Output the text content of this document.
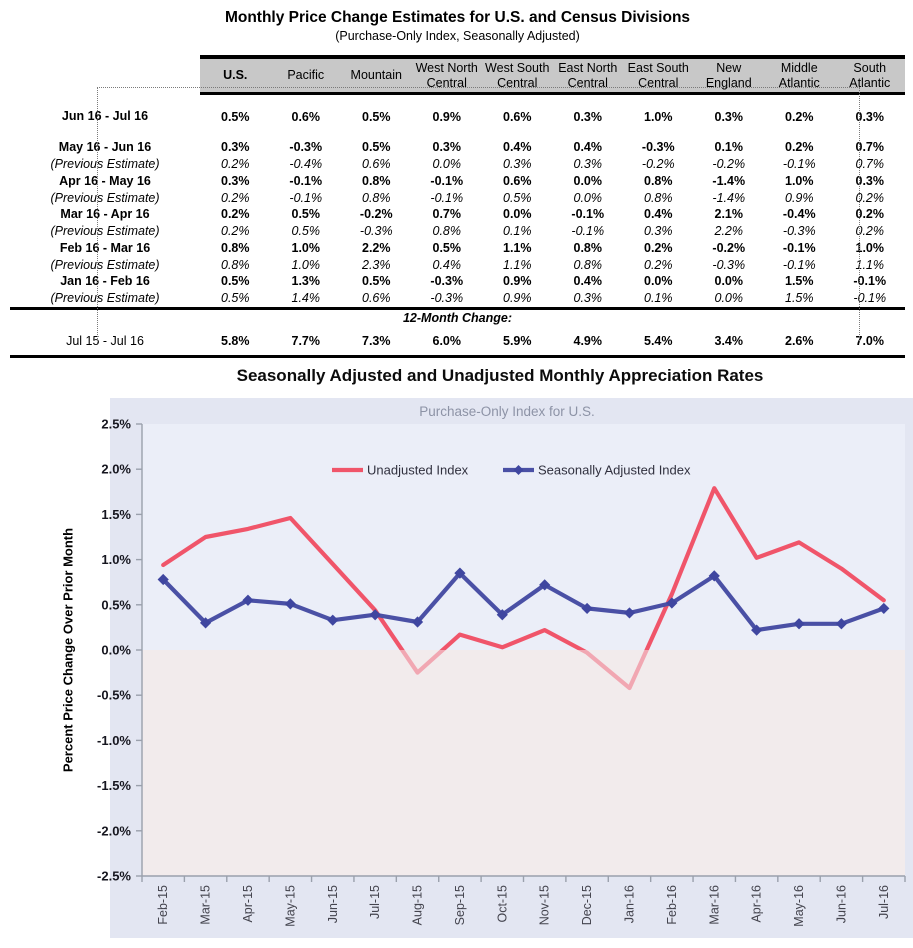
Monthly Price Change Estimates for U.S. and Census Divisions
(Purchase-Only Index, Seasonally Adjusted)
	U.S.	Pacific	Mountain	West North Central	West South Central	East North Central	East South Central	New England	Middle Atlantic	South Atlantic
Jun 16 - Jul 16	0.5%	0.6%	0.5%	0.9%	0.6%	0.3%	1.0%	0.3%	0.2%	0.3%
May 16 - Jun 16	0.3%	-0.3%	0.5%	0.3%	0.4%	0.4%	-0.3%	0.1%	0.2%	0.7%
(Previous Estimate)	0.2%	-0.4%	0.6%	0.0%	0.3%	0.3%	-0.2%	-0.2%	-0.1%	0.7%
Apr 16 - May 16	0.3%	-0.1%	0.8%	-0.1%	0.6%	0.0%	0.8%	-1.4%	1.0%	0.3%
(Previous Estimate)	0.2%	-0.1%	0.8%	-0.1%	0.5%	0.0%	0.8%	-1.4%	0.9%	0.2%
Mar 16 - Apr 16	0.2%	0.5%	-0.2%	0.7%	0.0%	-0.1%	0.4%	2.1%	-0.4%	0.2%
(Previous Estimate)	0.2%	0.5%	-0.3%	0.8%	0.1%	-0.1%	0.3%	2.2%	-0.3%	0.2%
Feb 16 - Mar 16	0.8%	1.0%	2.2%	0.5%	1.1%	0.8%	0.2%	-0.2%	-0.1%	1.0%
(Previous Estimate)	0.8%	1.0%	2.3%	0.4%	1.1%	0.8%	0.2%	-0.3%	-0.1%	1.1%
Jan 16 - Feb 16	0.5%	1.3%	0.5%	-0.3%	0.9%	0.4%	0.0%	0.0%	1.5%	-0.1%
(Previous Estimate)	0.5%	1.4%	0.6%	-0.3%	0.9%	0.3%	0.1%	0.0%	1.5%	-0.1%
12-Month Change:										
Jul 15 - Jul 16	5.8%	7.7%	7.3%	6.0%	5.9%	4.9%	5.4%	3.4%	2.6%	7.0%
Seasonally Adjusted and Unadjusted Monthly Appreciation Rates
Purchase-Only Index for U.S.
2.5%
2.0%
1.5%
1.0%
0.5%
0.0%
-0.5%
-1.0%
-1.5%
-2.0%
-2.5%
Feb-15 Mar-15 Apr-15 May-15 Jun-15 Jul-15 Aug-15 Sep-15 Oct-15 Nov-15 Dec-15 Jan-16 Feb-16 Mar-16 Apr-16 May-16 Jun-16 Jul-16
Percent Price Change Over Prior Month
Unadjusted Index	Seasonally Adjusted Index
